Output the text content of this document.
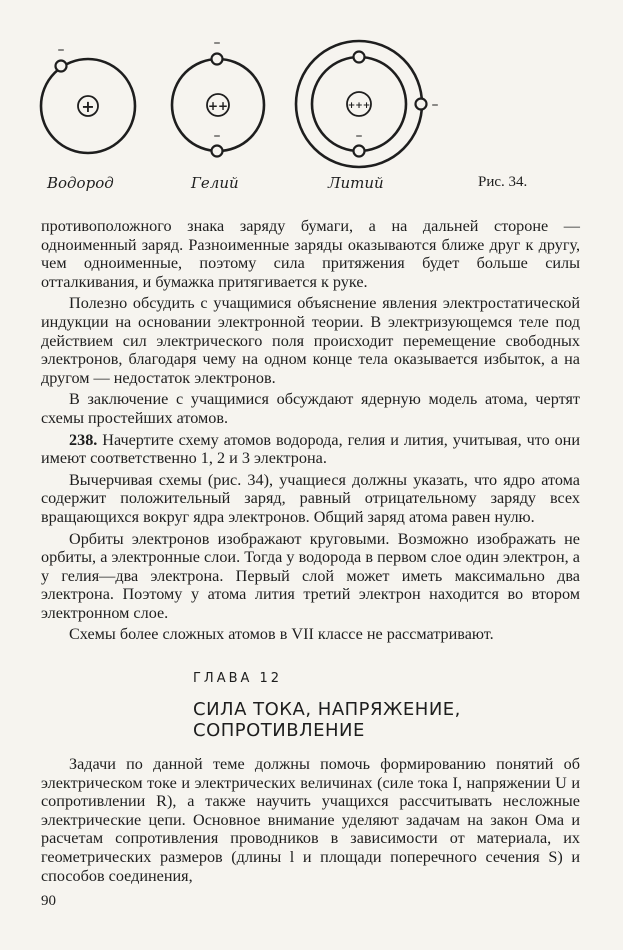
+	++	+++
–	–
–
–
–
–
Водород	Гелий	Литий	Рис. 34.

противоположного знака заряду бумаги, а на дальней стороне — одноименный заряд. Разноименные заряды оказываются ближе друг к другу, чем одноименные, поэтому сила притяжения будет больше силы отталкивания, и бумажка притягивается к руке.

Полезно обсудить с учащимися объяснение явления электростатической индукции на основании электронной теории. В электризующемся теле под действием сил электрического поля происходит перемещение свободных электронов, благодаря чему на одном конце тела оказывается избыток, а на другом — недостаток электронов.

В заключение с учащимися обсуждают ядерную модель атома, чертят схемы простейших атомов.

238. Начертите схему атомов водорода, гелия и лития, учитывая, что они имеют соответственно 1, 2 и 3 электрона.

Вычерчивая схемы (рис. 34), учащиеся должны указать, что ядро атома содержит положительный заряд, равный отрицательному заряду всех вращающихся вокруг ядра электронов. Общий заряд атома равен нулю.

Орбиты электронов изображают круговыми. Возможно изображать не орбиты, а электронные слои. Тогда у водорода в первом слое один электрон, а у гелия—два электрона. Первый слой может иметь максимально два электрона. Поэтому у атома лития третий электрон находится во втором электронном слое.

Схемы более сложных атомов в VII классе не рассматривают.

ГЛАВА 12
СИЛА ТОКА, НАПРЯЖЕНИЕ,
СОПРОТИВЛЕНИЕ

Задачи по данной теме должны помочь формированию понятий об электрическом токе и электрических величинах (силе тока I, напряжении U и сопротивлении R), а также научить учащихся рассчитывать несложные электрические цепи. Основное внимание уделяют задачам на закон Ома и расчетам сопротивления проводников в зависимости от материала, их геометрических размеров (длины l и площади поперечного сечения S) и способов соединения,

90
